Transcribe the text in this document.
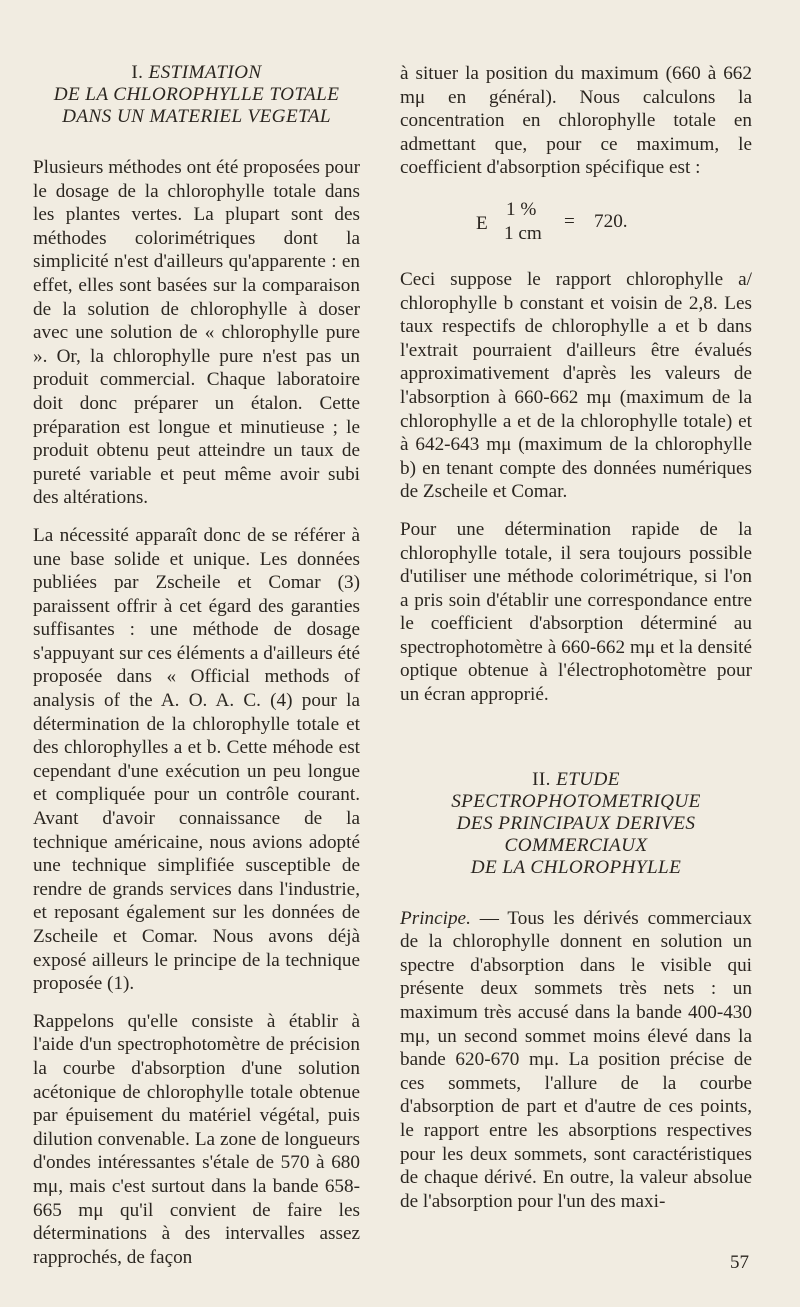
I. ESTIMATION
DE LA CHLOROPHYLLE TOTALE
DANS UN MATERIEL VEGETAL

Plusieurs méthodes ont été proposées pour le dosage de la chlorophylle totale dans les plantes vertes. La plupart sont des méthodes colorimétriques dont la simplicité n'est d'ailleurs qu'apparente : en effet, elles sont basées sur la comparaison de la solution de chlorophylle à doser avec une solution de « chlorophylle pure ». Or, la chlorophylle pure n'est pas un produit commercial. Chaque laboratoire doit donc préparer un étalon. Cette préparation est longue et minutieuse ; le produit obtenu peut atteindre un taux de pureté variable et peut même avoir subi des altérations.

La nécessité apparaît donc de se référer à une base solide et unique. Les données publiées par Zscheile et Comar (3) paraissent offrir à cet égard des garanties suffisantes : une méthode de dosage s'appuyant sur ces éléments a d'ailleurs été proposée dans « Official methods of analysis of the A. O. A. C. (4) pour la détermination de la chlorophylle totale et des chlorophylles a et b. Cette méhode est cependant d'une exécution un peu longue et compliquée pour un contrôle courant. Avant d'avoir connaissance de la technique américaine, nous avions adopté une technique simplifiée susceptible de rendre de grands services dans l'industrie, et reposant également sur les données de Zscheile et Comar. Nous avons déjà exposé ailleurs le principe de la technique proposée (1).

Rappelons qu'elle consiste à établir à l'aide d'un spectrophotomètre de précision la courbe d'absorption d'une solution acétonique de chlorophylle totale obtenue par épuisement du matériel végétal, puis dilution convenable. La zone de longueurs d'ondes intéressantes s'étale de 570 à 680 mμ, mais c'est surtout dans la bande 658-665 mμ qu'il convient de faire les déterminations à des intervalles assez rapprochés, de façon

à situer la position du maximum (660 à 662 mμ en général). Nous calculons la concentration en chlorophylle totale en admettant que, pour ce maximum, le coefficient d'absorption spécifique est :

E
1 %
1 cm
= 720.

Ceci suppose le rapport chlorophylle a/ chlorophylle b constant et voisin de 2,8. Les taux respectifs de chlorophylle a et b dans l'extrait pourraient d'ailleurs être évalués approximativement d'après les valeurs de l'absorption à 660-662 mμ (maximum de la chlorophylle a et de la chlorophylle totale) et à 642-643 mμ (maximum de la chlorophylle b) en tenant compte des données numériques de Zscheile et Comar.

Pour une détermination rapide de la chlorophylle totale, il sera toujours possible d'utiliser une méthode colorimétrique, si l'on a pris soin d'établir une correspondance entre le coefficient d'absorption déterminé au spectrophotomètre à 660-662 mμ et la densité optique obtenue à l'électrophotomètre pour un écran approprié.

II. ETUDE
SPECTROPHOTOMETRIQUE
DES PRINCIPAUX DERIVES
COMMERCIAUX
DE LA CHLOROPHYLLE

Principe. — Tous les dérivés commerciaux de la chlorophylle donnent en solution un spectre d'absorption dans le visible qui présente deux sommets très nets : un maximum très accusé dans la bande 400-430 mμ, un second sommet moins élevé dans la bande 620-670 mμ. La position précise de ces sommets, l'allure de la courbe d'absorption de part et d'autre de ces points, le rapport entre les absorptions respectives pour les deux sommets, sont caractéristiques de chaque dérivé. En outre, la valeur absolue de l'absorption pour l'un des maxi-

57
